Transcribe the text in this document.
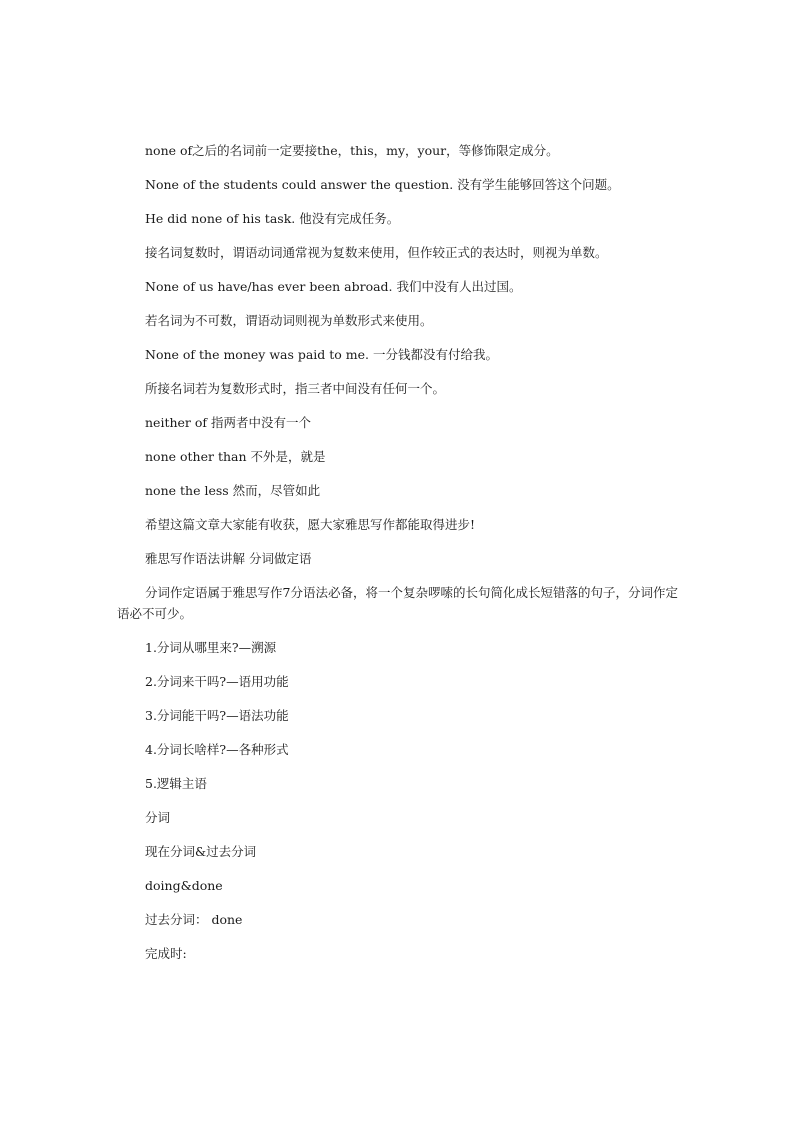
none of之后的名词前一定要接the，this，my，your，等修饰限定成分。

None of the students could answer the question. 没有学生能够回答这个问题。

He did none of his task. 他没有完成任务。

接名词复数时，谓语动词通常视为复数来使用，但作较正式的表达时，则视为单数。

None of us have/has ever been abroad. 我们中没有人出过国。

若名词为不可数，谓语动词则视为单数形式来使用。

None of the money was paid to me. 一分钱都没有付给我。

所接名词若为复数形式时，指三者中间没有任何一个。

neither of 指两者中没有一个

none other than 不外是，就是

none the less 然而，尽管如此

希望这篇文章大家能有收获，愿大家雅思写作都能取得进步!

雅思写作语法讲解 分词做定语

分词作定语属于雅思写作7分语法必备，将一个复杂啰嗦的长句简化成长短错落的句子，分词作定语必不可少。

1.分词从哪里来?—溯源

2.分词来干吗?—语用功能

3.分词能干吗?—语法功能

4.分词长啥样?—各种形式

5.逻辑主语

分词

现在分词&过去分词

doing&done

过去分词： done

完成时:
